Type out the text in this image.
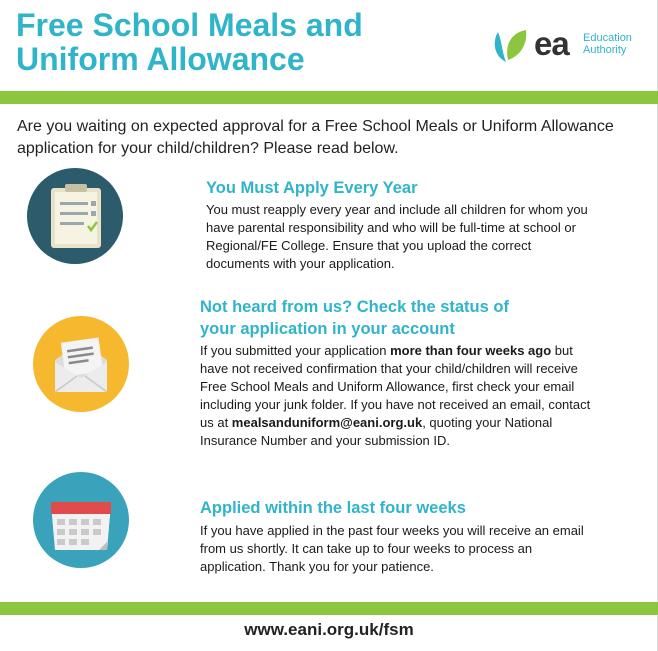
Free School Meals and
Uniform Allowance	ea Education
Authority

Are you waiting on expected approval for a Free School Meals or Uniform Allowance application for your child/children? Please read below.

You Must Apply Every Year

You must reapply every year and include all children for whom you have parental responsibility and who will be full-time at school or Regional/FE College. Ensure that you upload the correct documents with your application.

Not heard from us? Check the status of
your application in your account

If you submitted your application more than four weeks ago but have not received confirmation that your child/children will receive Free School Meals and Uniform Allowance, first check your email including your junk folder. If you have not received an email, contact us at mealsanduniform@eani.org.uk, quoting your National Insurance Number and your submission ID.

Applied within the last four weeks

If you have applied in the past four weeks you will receive an email from us shortly. It can take up to four weeks to process an application. Thank you for your patience.

www.eani.org.uk/fsm
